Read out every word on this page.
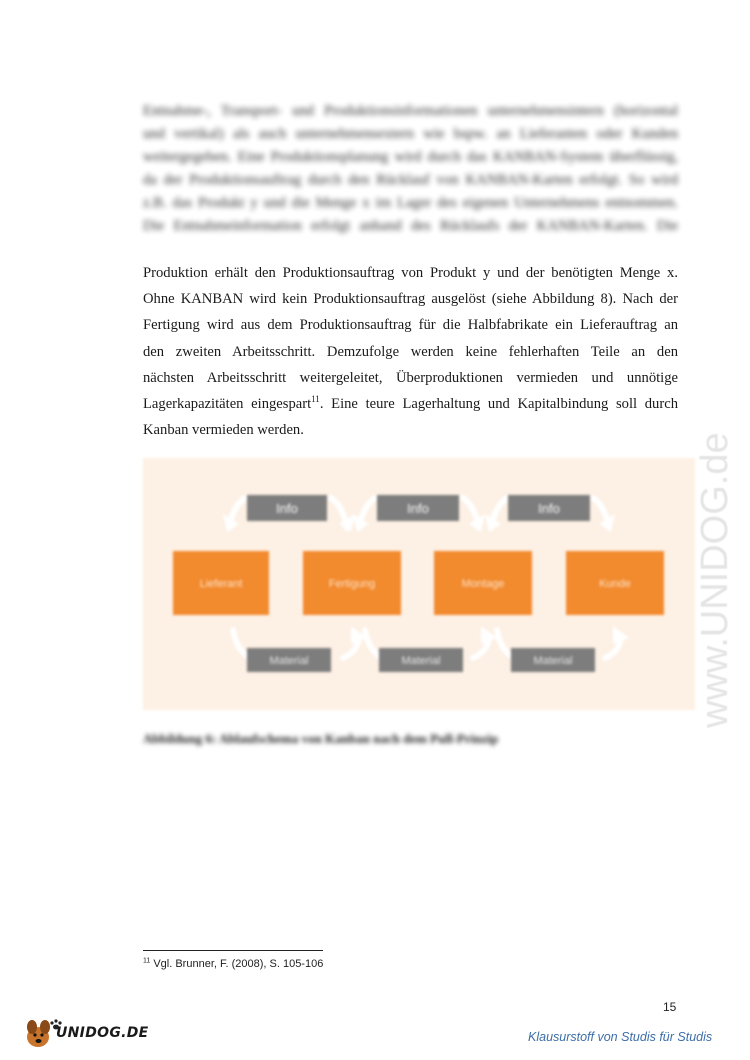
Entnahme-, Transport- und Produktionsinformationen unternehmensintern (horizontal
und vertikal) als auch unternehmensextern wie bspw. an Lieferanten oder Kunden
weitergegeben. Eine Produktionsplanung wird durch das KANBAN-System überflüssig,
da der Produktionsauftrag durch den Rücklauf von KANBAN-Karten erfolgt. So wird
z.B. das Produkt y und die Menge x im Lager des eigenen Unternehmens entnommen.
Die Entnahmeinformation erfolgt anhand des Rücklaufs der KANBAN-Karten. Die
Produktion erhält den Produktionsauftrag von Produkt y und der benötigten Menge x.
Ohne KANBAN wird kein Produktionsauftrag ausgelöst (siehe Abbildung 8). Nach der
Fertigung wird aus dem Produktionsauftrag für die Halbfabrikate ein Lieferauftrag an
den zweiten Arbeitsschritt. Demzufolge werden keine fehlerhaften Teile an den
nächsten Arbeitsschritt weitergeleitet, Überproduktionen vermieden und unnötige
Lagerkapazitäten eingespart$^{11}$. Eine teure Lagerhaltung und Kapitalbindung soll durch
Kanban vermieden werden.
Info	Info	Info
Lieferant	Fertigung	Montage	Kunde
Material	Material	Material
Abbildung 6: Ablaufschema von Kanban nach dem Pull-Prinzip
www.UNIDOG.de
$^{11}$ Vgl. Brunner, F. (2008), S. 105-106
15
UNIDOG.DE	Klausurstoff von Studis für Studis
